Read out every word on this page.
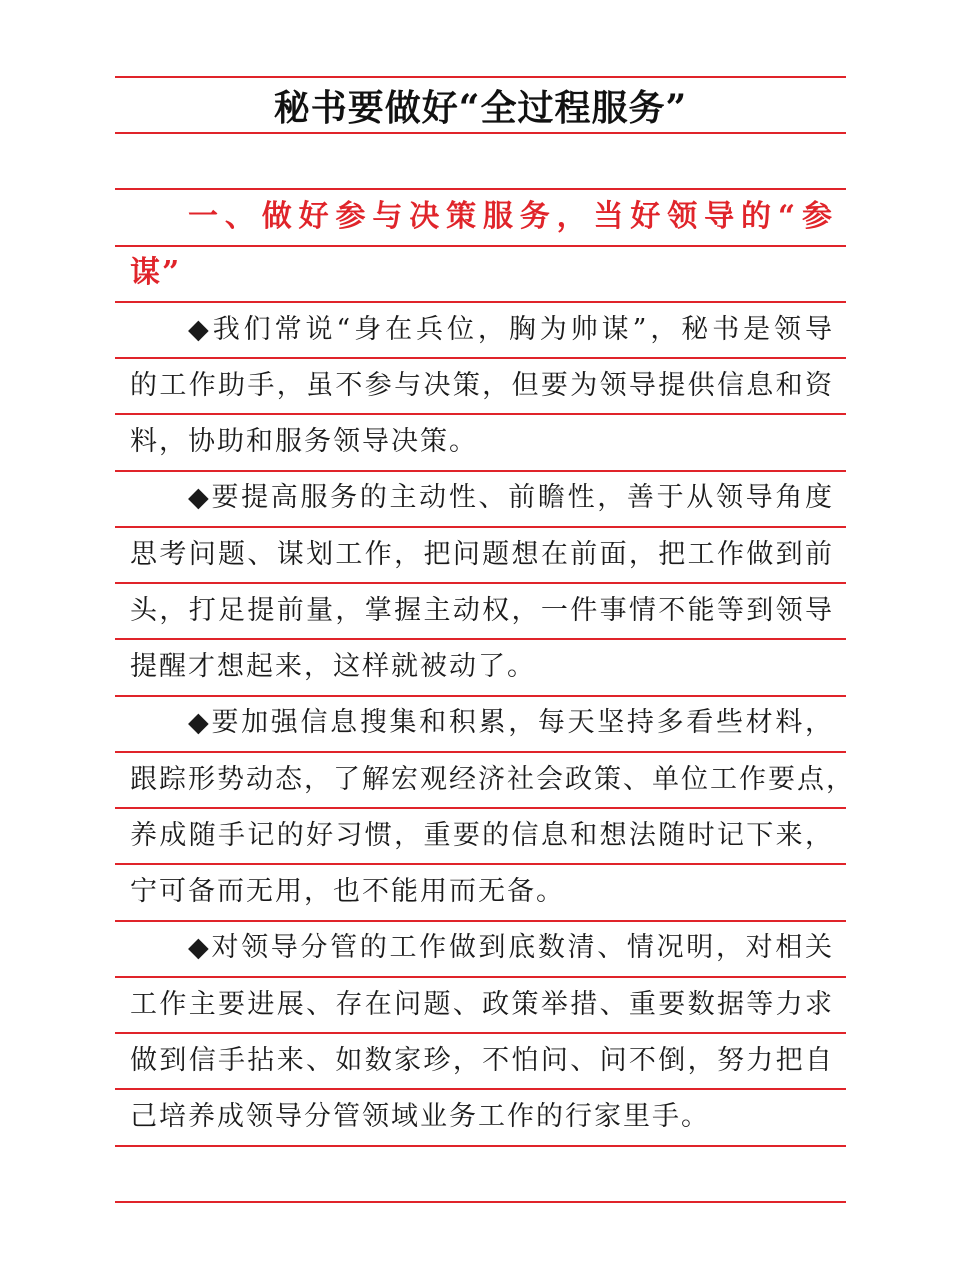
秘书要做好“全过程服务”
一、做好参与决策服务，当好领导的“参
谋”
◆我们常说“身在兵位，胸为帅谋”，秘书是领导
的工作助手，虽不参与决策，但要为领导提供信息和资
料，协助和服务领导决策。
◆要提高服务的主动性、前瞻性，善于从领导角度
思考问题、谋划工作，把问题想在前面，把工作做到前
头，打足提前量，掌握主动权，一件事情不能等到领导
提醒才想起来，这样就被动了。
◆要加强信息搜集和积累，每天坚持多看些材料，
跟踪形势动态，了解宏观经济社会政策、单位工作要点，
养成随手记的好习惯，重要的信息和想法随时记下来，
宁可备而无用，也不能用而无备。
◆对领导分管的工作做到底数清、情况明，对相关
工作主要进展、存在问题、政策举措、重要数据等力求
做到信手拈来、如数家珍，不怕问、问不倒，努力把自
己培养成领导分管领域业务工作的行家里手。
